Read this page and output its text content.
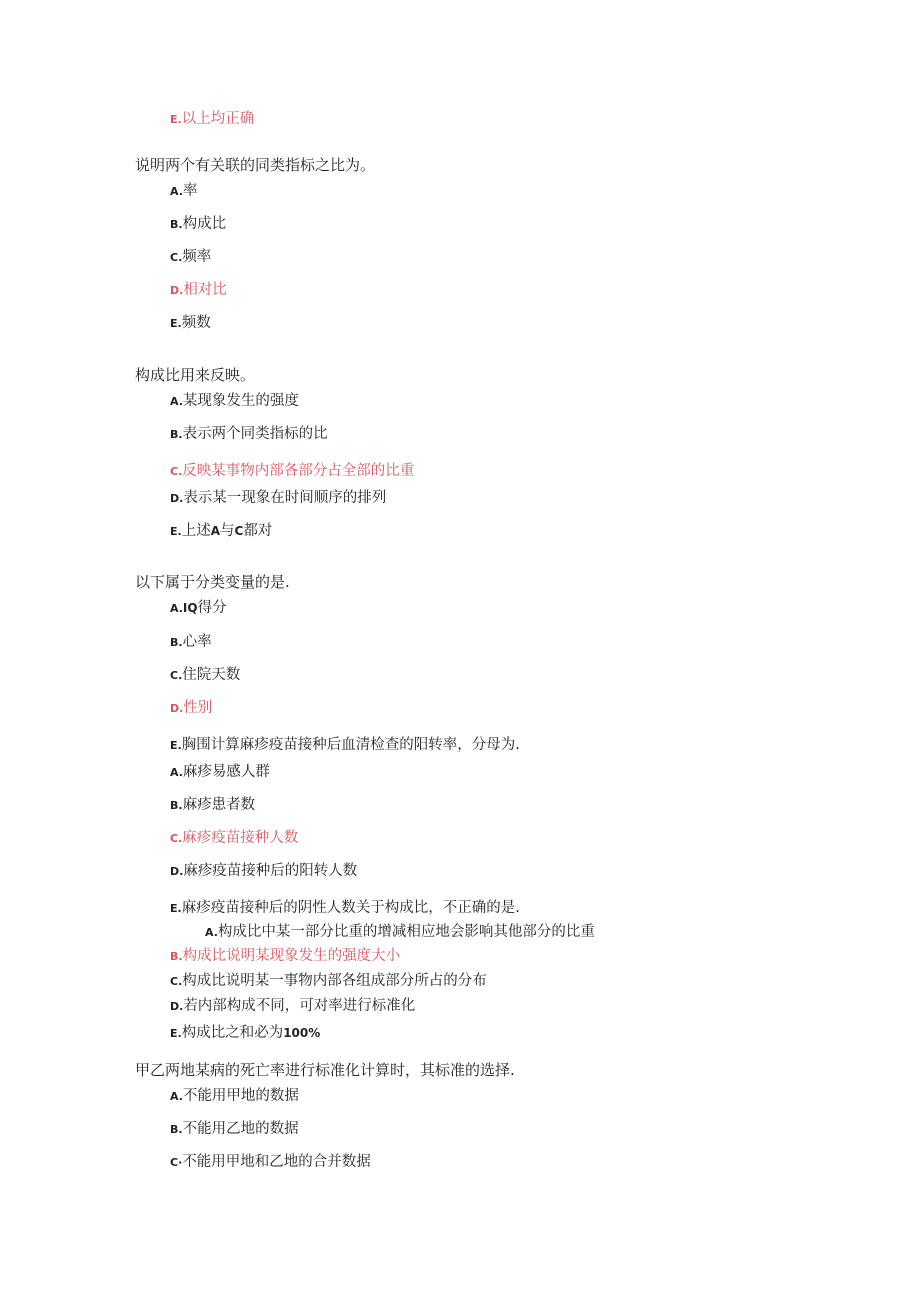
E.以上均正确
说明两个有关联的同类指标之比为。
A.率
B.构成比
C.频率
D.相对比
E.频数
构成比用来反映。
A.某现象发生的强度
B.表示两个同类指标的比
C.反映某事物内部各部分占全部的比重
D.表示某一现象在时间顺序的排列
E.上述A与C都对
以下属于分类变量的是.
A.IQ得分
B.心率
C.住院天数
D.性别
E.胸围计算麻疹疫苗接种后血清检查的阳转率，分母为.
A.麻疹易感人群
B.麻疹患者数
C.麻疹疫苗接种人数
D.麻疹疫苗接种后的阳转人数
E.麻疹疫苗接种后的阴性人数关于构成比，不正确的是.
A.构成比中某一部分比重的增减相应地会影响其他部分的比重
B.构成比说明某现象发生的强度大小
C.构成比说明某一事物内部各组成部分所占的分布
D.若内部构成不同，可对率进行标准化
E.构成比之和必为100%
甲乙两地某病的死亡率进行标准化计算时，其标准的选择.
A.不能用甲地的数据
B.不能用乙地的数据
C·不能用甲地和乙地的合并数据
